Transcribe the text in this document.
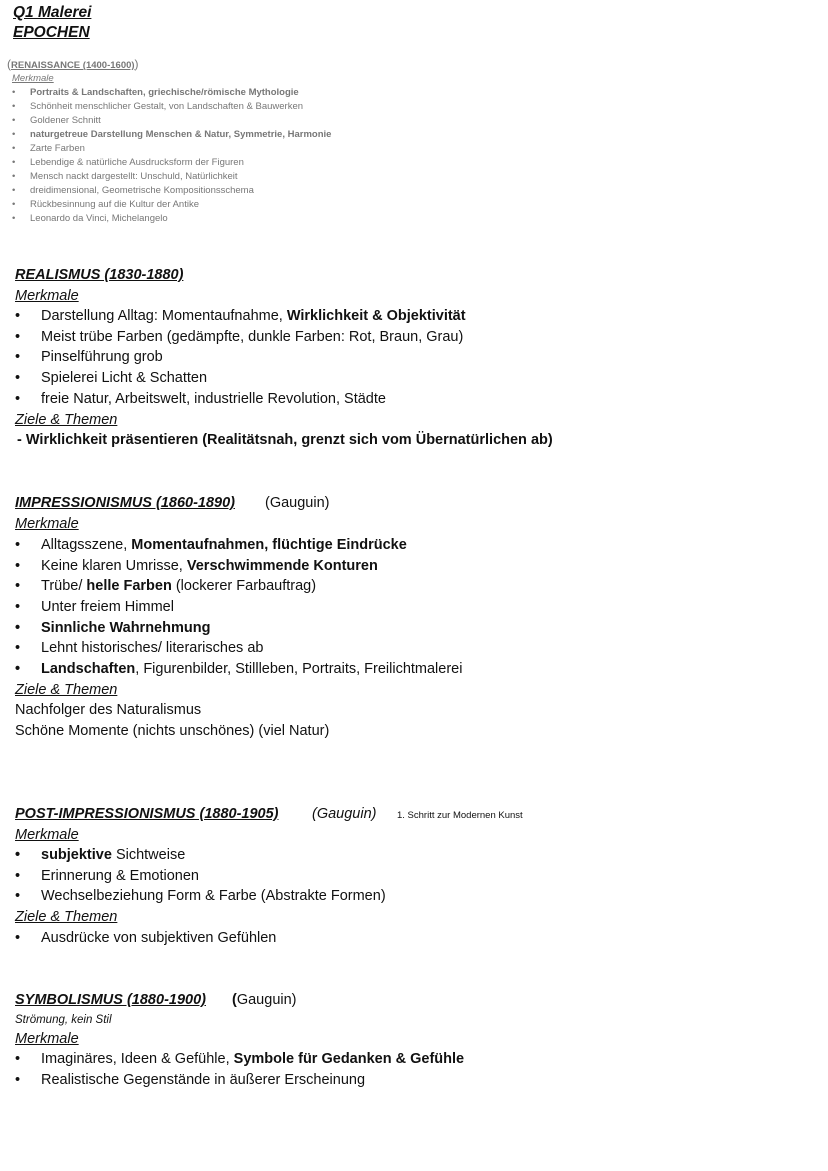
Q1 Malerei
EPOCHEN
(RENAISSANCE (1400-1600))
Merkmale
• Portraits & Landschaften, griechische/römische Mythologie
• Schönheit menschlicher Gestalt, von Landschaften & Bauwerken
• Goldener Schnitt
• naturgetreue Darstellung Menschen & Natur, Symmetrie, Harmonie
• Zarte Farben
• Lebendige & natürliche Ausdrucksform der Figuren
• Mensch nackt dargestellt: Unschuld, Natürlichkeit
• dreidimensional, Geometrische Kompositionsschema
• Rückbesinnung auf die Kultur der Antike
• Leonardo da Vinci, Michelangelo
REALISMUS (1830-1880)
Merkmale
• Darstellung Alltag: Momentaufnahme, Wirklichkeit & Objektivität
• Meist trübe Farben (gedämpfte, dunkle Farben: Rot, Braun, Grau)
• Pinselführung grob
• Spielerei Licht & Schatten
• freie Natur, Arbeitswelt, industrielle Revolution, Städte
Ziele & Themen
- Wirklichkeit präsentieren (Realitätsnah, grenzt sich vom Übernatürlichen ab)
IMPRESSIONISMUS (1860-1890) (Gauguin)
Merkmale
• Alltagsszene, Momentaufnahmen, flüchtige Eindrücke
• Keine klaren Umrisse, Verschwimmende Konturen
• Trübe/ helle Farben (lockerer Farbauftrag)
• Unter freiem Himmel
• Sinnliche Wahrnehmung
• Lehnt historisches/ literarisches ab
• Landschaften, Figurenbilder, Stillleben, Portraits, Freilichtmalerei
Ziele & Themen
Nachfolger des Naturalismus
Schöne Momente (nichts unschönes) (viel Natur)
POST-IMPRESSIONISMUS (1880-1905) (Gauguin) 1. Schritt zur Modernen Kunst
Merkmale
• subjektive Sichtweise
• Erinnerung & Emotionen
• Wechselbeziehung Form & Farbe (Abstrakte Formen)
Ziele & Themen
• Ausdrücke von subjektiven Gefühlen
SYMBOLISMUS (1880-1900) (Gauguin)
Strömung, kein Stil
Merkmale
• Imaginäres, Ideen & Gefühle, Symbole für Gedanken & Gefühle
• Realistische Gegenstände in äußerer Erscheinung
